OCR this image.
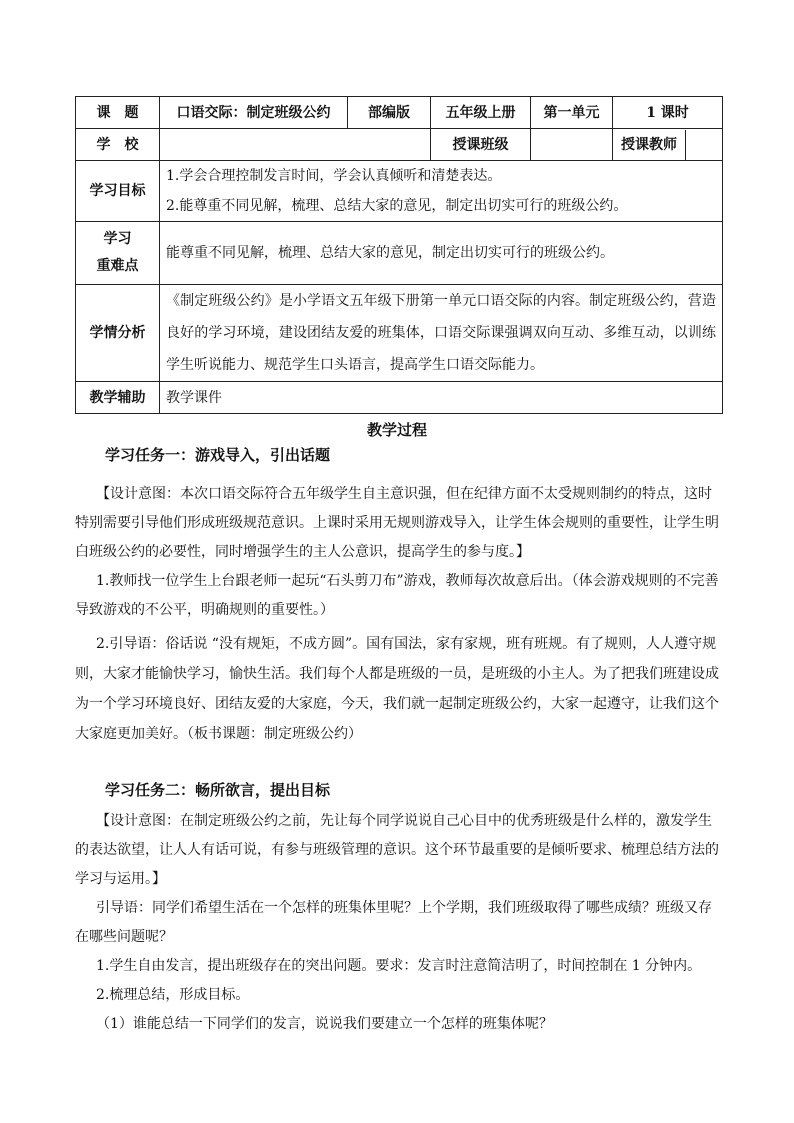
课　题	口语交际：制定班级公约	部编版	五年级上册	第一单元	1 课时
学　校			授课班级		授课教师

学习目标	1.学会合理控制发言时间，学会认真倾听和清楚表达。
2.能尊重不同见解，梳理、总结大家的意见，制定出切实可行的班级公约。				

学习
重难点	能尊重不同见解，梳理、总结大家的意见，制定出切实可行的班级公约。				
学情分析	《制定班级公约》是小学语文五年级下册第一单元口语交际的内容。制定班级公约，营造良好的学习环境，建设团结友爱的班集体，口语交际课强调双向互动、多维互动，以训练学生听说能力、规范学生口头语言，提高学生口语交际能力。				
教学辅助	教学课件				
教学过程
学习任务一：游戏导入，引出话题

【设计意图：本次口语交际符合五年级学生自主意识强，但在纪律方面不太受规则制约的特点，这时特别需要引导他们形成班级规范意识。上课时采用无规则游戏导入，让学生体会规则的重要性，让学生明白班级公约的必要性，同时增强学生的主人公意识，提高学生的参与度。】

1.教师找一位学生上台跟老师一起玩“石头剪刀布”游戏，教师每次故意后出。（体会游戏规则的不完善导致游戏的不公平，明确规则的重要性。）

2.引导语：俗话说 “没有规矩，不成方圆”。国有国法，家有家规，班有班规。有了规则，人人遵守规则，大家才能愉快学习，愉快生活。我们每个人都是班级的一员，是班级的小主人。为了把我们班建设成为一个学习环境良好、团结友爱的大家庭，今天，我们就一起制定班级公约，大家一起遵守，让我们这个大家庭更加美好。（板书课题：制定班级公约）

学习任务二：畅所欲言，提出目标

【设计意图：在制定班级公约之前，先让每个同学说说自己心目中的优秀班级是什么样的，激发学生的表达欲望，让人人有话可说，有参与班级管理的意识。这个环节最重要的是倾听要求、梳理总结方法的学习与运用。】

引导语：同学们希望生活在一个怎样的班集体里呢？上个学期，我们班级取得了哪些成绩？班级又存在哪些问题呢？

1.学生自由发言，提出班级存在的突出问题。要求：发言时注意简洁明了，时间控制在 1 分钟内。

2.梳理总结，形成目标。

（1）谁能总结一下同学们的发言，说说我们要建立一个怎样的班集体呢？
